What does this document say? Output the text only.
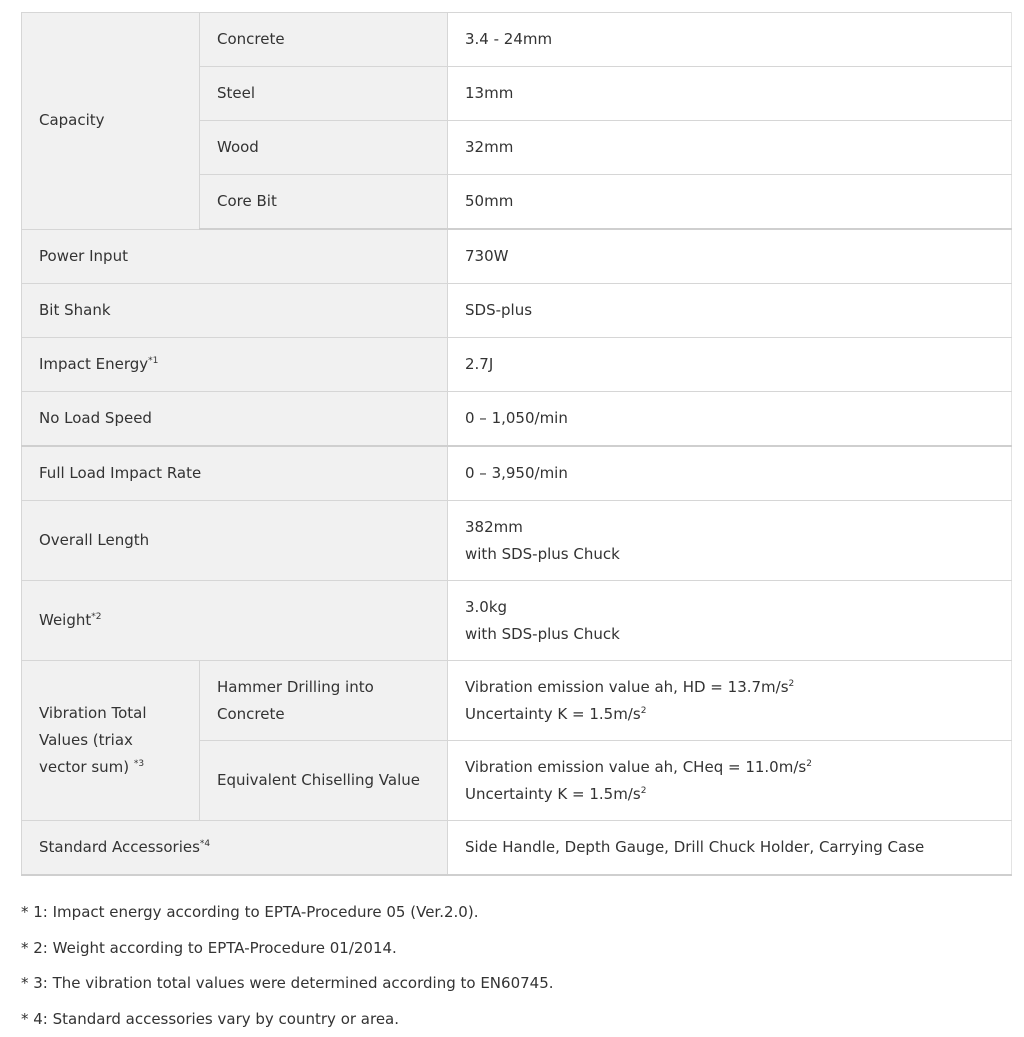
Capacity	Concrete	3.4 - 24mm
	Steel	13mm
	Wood	32mm
	Core Bit	50mm
Power Input		730W
Bit Shank		SDS-plus
Impact Energy$^{*1}$		2.7J
No Load Speed		0 – 1,050/min
Full Load Impact Rate		0 – 3,950/min
Overall Length		382mm
with SDS-plus Chuck

Weight$^{*2}$		3.0kg
with SDS-plus Chuck

Vibration Total Values (triax vector sum) $^{*3}$	Hammer Drilling into Concrete	Vibration emission value ah, HD = $13.7m/s^2$
Uncertainty $K = 1.5m/s^2$

	Equivalent Chiselling Value	Vibration emission value ah, CHeq = $11.0m/s^2$
Uncertainty $K = 1.5m/s^2$

Standard Accessories$^{*4}$		Side Handle, Depth Gauge, Drill Chuck Holder, Carrying Case
* 1: Impact energy according to EPTA-Procedure 05 (Ver.2.0).
* 2: Weight according to EPTA-Procedure 01/2014.
* 3: The vibration total values were determined according to EN60745.
* 4: Standard accessories vary by country or area.
